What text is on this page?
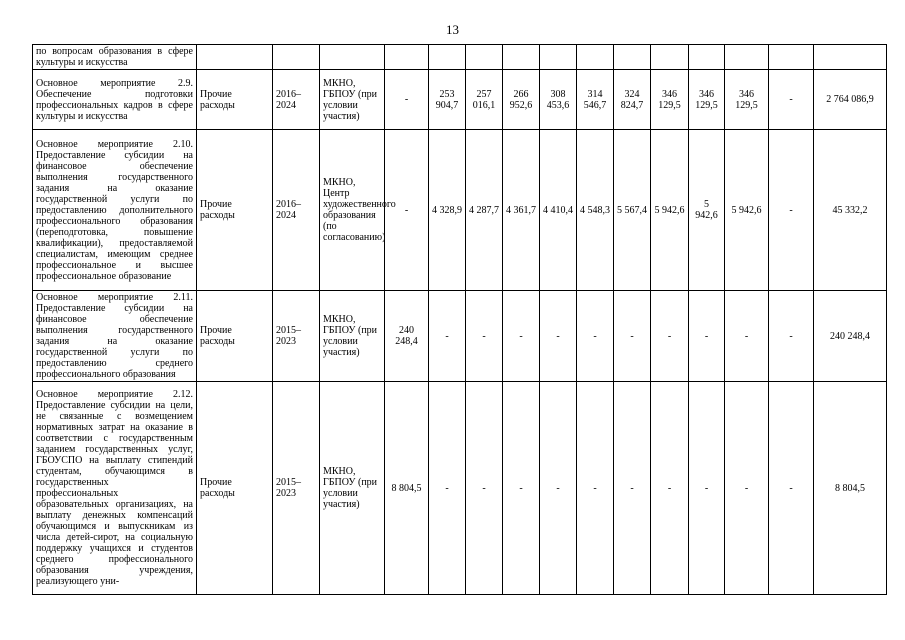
13
по вопросам образования в сфере культуры и искусства															
Основное мероприятие 2.9. Обеспечение подготовки профессиональных кадров в сфере культуры и искусства	Прочие расходы	2016–2024	МКНО, ГБПОУ (при условии участия)	-	253 904,7	257 016,1	266 952,6	308 453,6	314 546,7	324 824,7	346 129,5	346 129,5	346 129,5	-	2 764 086,9
Основное мероприятие 2.10. Предоставление субсидии на финансовое обеспечение выполнения государственного задания на оказание государственной услуги по предоставлению дополнительного профессионального образования (переподготовка, повышение квалификации), предоставляемой специалистам, имеющим среднее профессиональное и высшее профессиональное образование	Прочие расходы	2016–2024	МКНО, Центр художественного образования (по согласованию)	-	4 328,9	4 287,7	4 361,7	4 410,4	4 548,3	5 567,4	5 942,6	5 942,6	5 942,6	-	45 332,2
Основное мероприятие 2.11. Предоставление субсидии на финансовое обеспечение выполнения государственного задания на оказание государственной услуги по предоставлению среднего профессионального образования	Прочие расходы	2015–2023	МКНО, ГБПОУ (при условии участия)	240 248,4	-	-	-	-	-	-	-	-	-	-	240 248,4
Основное мероприятие 2.12. Предоставление субсидии на цели, не связанные с возмещением нормативных затрат на оказание в соответствии с государственным заданием государственных услуг, ГБОУСПО на выплату стипендий студентам, обучающимся в государственных профессиональных образовательных организациях, на выплату денежных компенсаций обучающимся и выпускникам из числа детей-сирот, на социальную поддержку учащихся и студентов среднего профессионального образования учреждения, реализующего уни-	Прочие расходы	2015–2023	МКНО, ГБПОУ (при условии участия)	8 804,5	-	-	-	-	-	-	-	-	-	-	8 804,5
